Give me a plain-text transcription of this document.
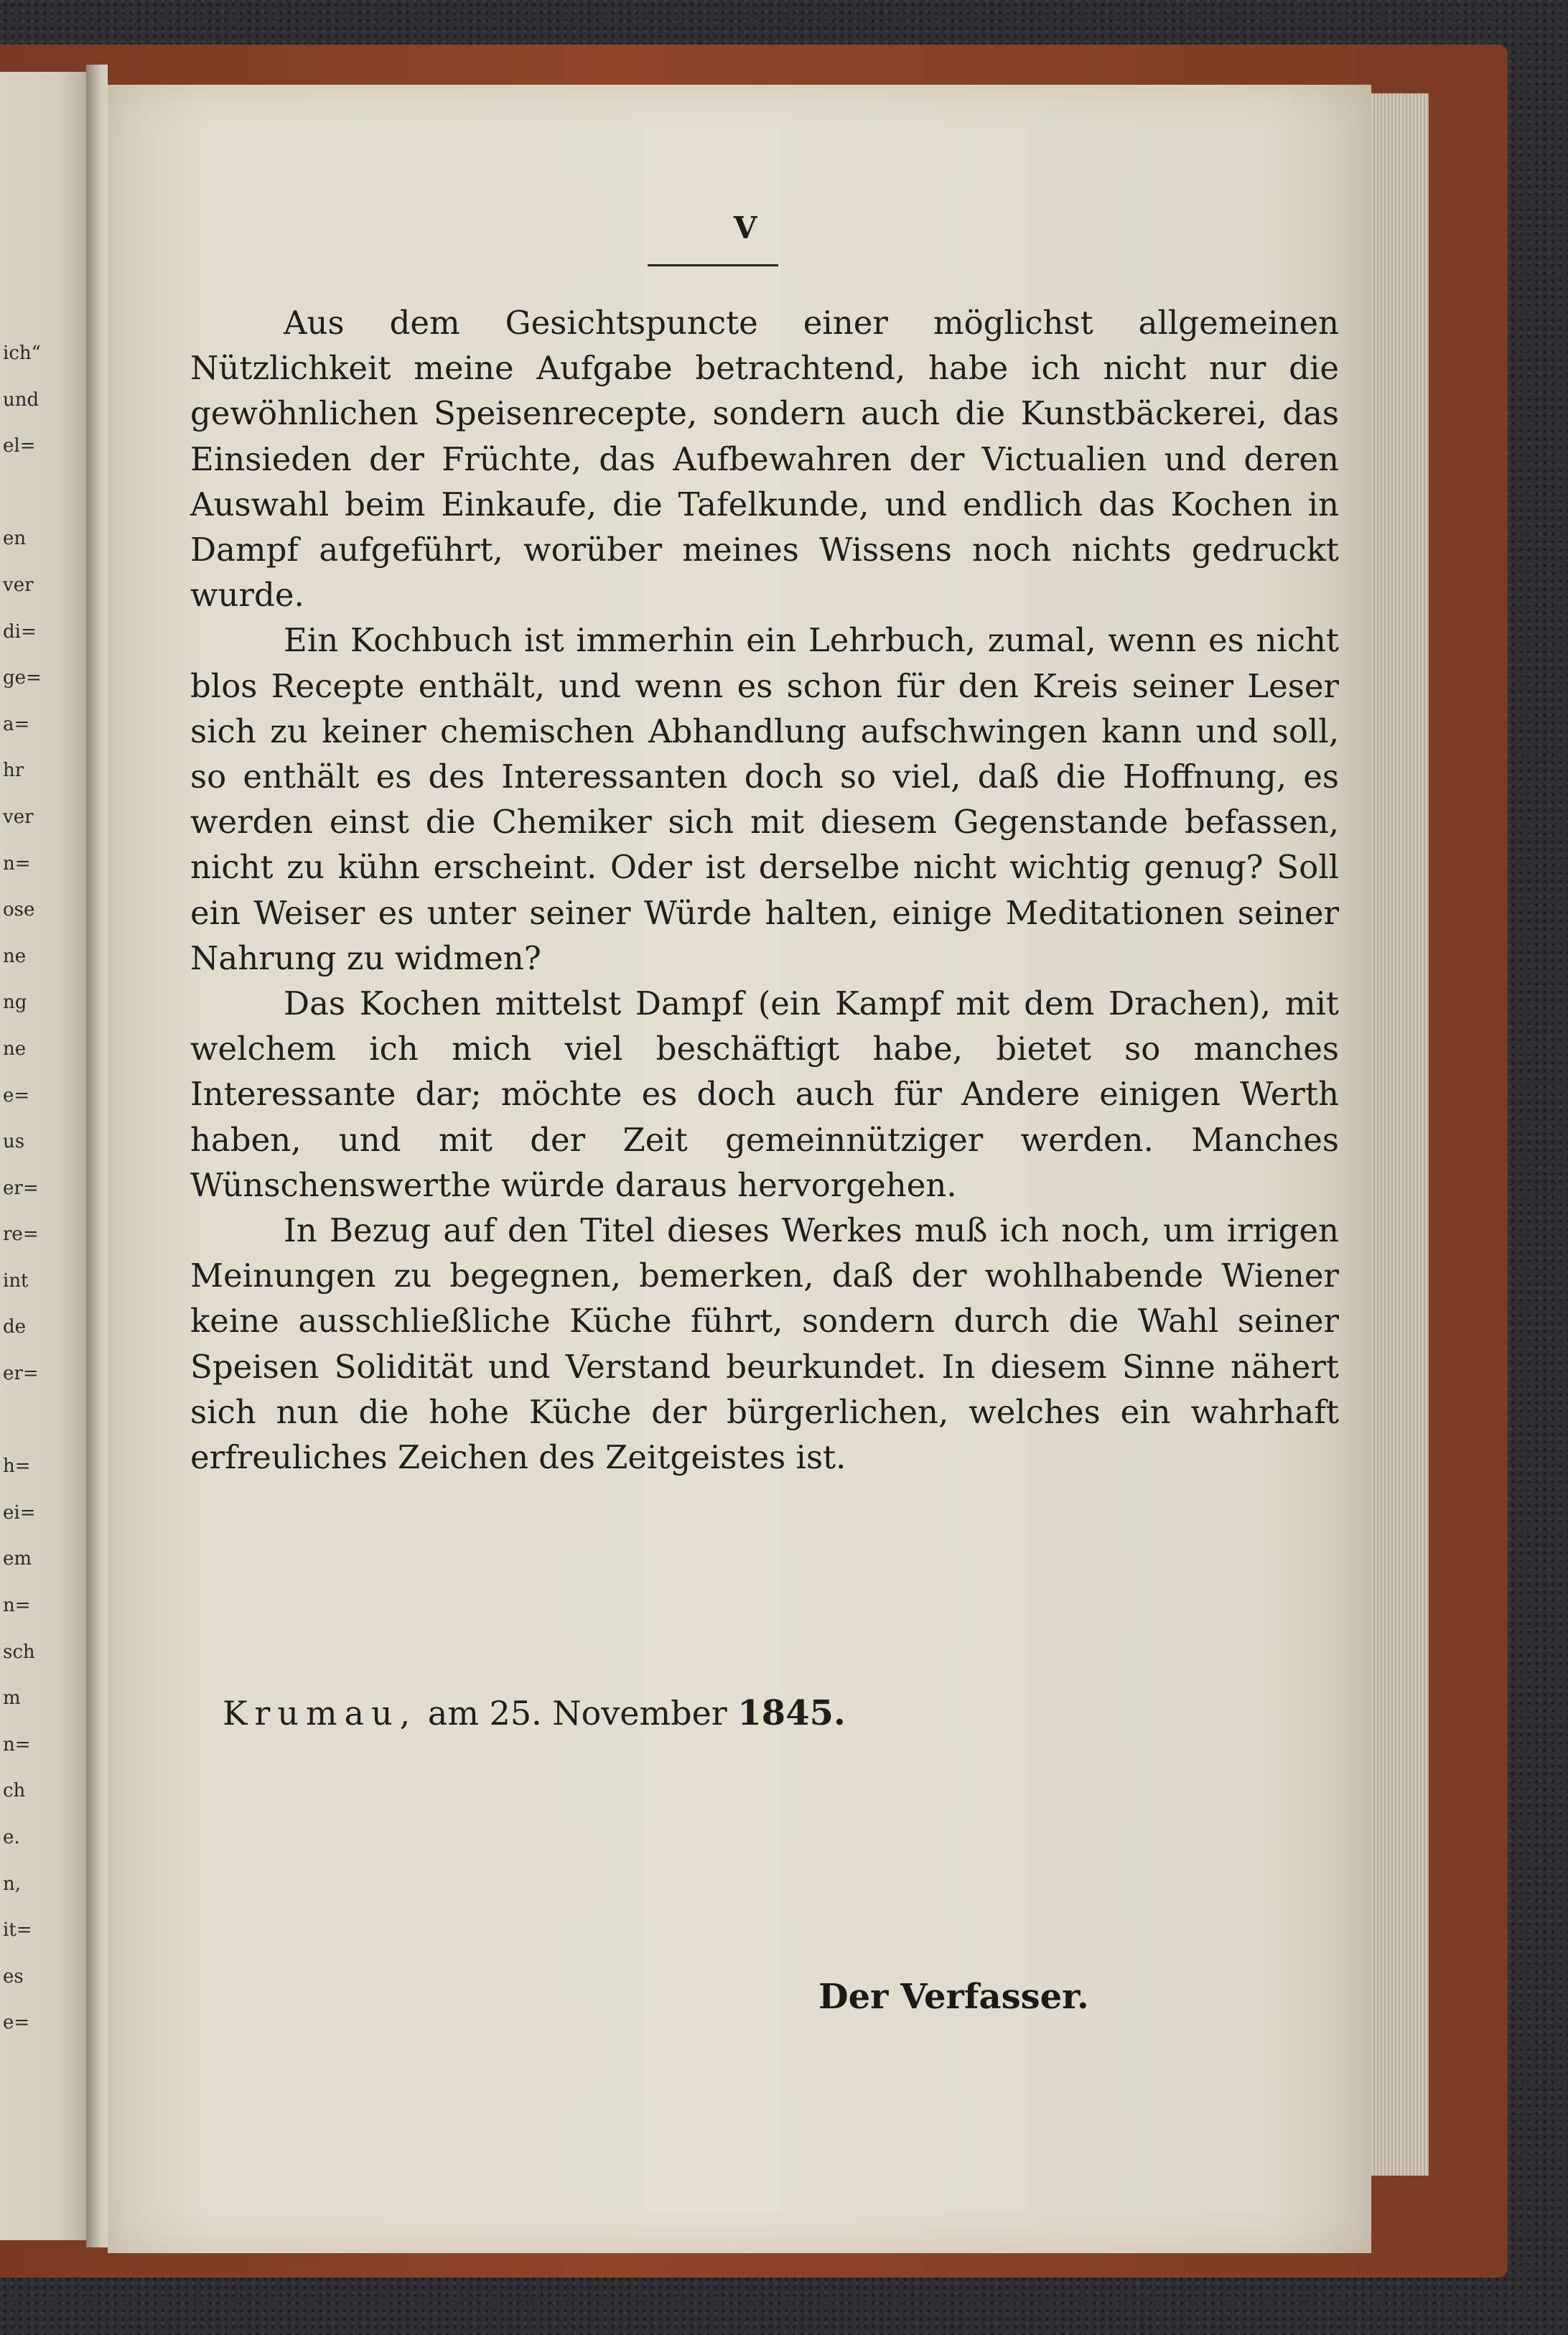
ich“
und
el=

en
ver
di=
ge=
a=
hr
ver
n=
ose
ne
ng
ne
e=
us
er=
re=
int
de
er=

h=
ei=
em
n=
sch
m
n=
ch
e.
n,
it=
es
e=
V

Aus dem Gesichtspuncte einer möglichst allgemeinen Nützlichkeit meine Aufgabe betrachtend, habe ich nicht nur die gewöhnlichen Speisenrecepte, sondern auch die Kunstbäckerei, das Einsieden der Früchte, das Aufbewahren der Victualien und deren Auswahl beim Einkaufe, die Tafelkunde, und endlich das Kochen in Dampf aufgeführt, worüber meines Wissens noch nichts gedruckt wurde.

Ein Kochbuch ist immerhin ein Lehrbuch, zumal, wenn es nicht blos Recepte enthält, und wenn es schon für den Kreis seiner Leser sich zu keiner chemischen Abhandlung aufschwingen kann und soll, so enthält es des Interessanten doch so viel, daß die Hoffnung, es werden einst die Chemiker sich mit diesem Gegenstande befassen, nicht zu kühn erscheint. Oder ist derselbe nicht wichtig genug? Soll ein Weiser es unter seiner Würde halten, einige Meditationen seiner Nahrung zu widmen?

Das Kochen mittelst Dampf (ein Kampf mit dem Drachen), mit welchem ich mich viel beschäftigt habe, bietet so manches Interessante dar; möchte es doch auch für Andere einigen Werth haben, und mit der Zeit gemeinnütziger werden. Manches Wünschenswerthe würde daraus hervorgehen.

In Bezug auf den Titel dieses Werkes muß ich noch, um irrigen Meinungen zu begegnen, bemerken, daß der wohlhabende Wiener keine ausschließliche Küche führt, sondern durch die Wahl seiner Speisen Solidität und Verstand beurkundet. In diesem Sinne nähert sich nun die hohe Küche der bürgerlichen, welches ein wahrhaft erfreuliches Zeichen des Zeitgeistes ist.

Krumau, am 25. November 1845.
Der Verfasser.
